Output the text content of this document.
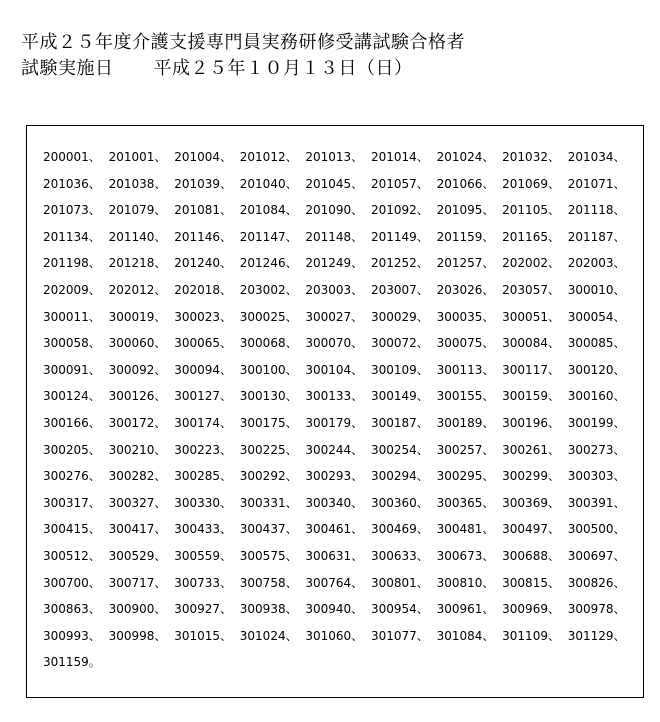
平成２５年度介護支援専門員実務研修受講試験合格者
試験実施日 平成２５年１０月１３日（日）
200001、 201001、 201004、 201012、 201013、 201014、 201024、 201032、 201034、
201036、 201038、 201039、 201040、 201045、 201057、 201066、 201069、 201071、
201073、 201079、 201081、 201084、 201090、 201092、 201095、 201105、 201118、
201134、 201140、 201146、 201147、 201148、 201149、 201159、 201165、 201187、
201198、 201218、 201240、 201246、 201249、 201252、 201257、 202002、 202003、
202009、 202012、 202018、 203002、 203003、 203007、 203026、 203057、 300010、
300011、 300019、 300023、 300025、 300027、 300029、 300035、 300051、 300054、
300058、 300060、 300065、 300068、 300070、 300072、 300075、 300084、 300085、
300091、 300092、 300094、 300100、 300104、 300109、 300113、 300117、 300120、
300124、 300126、 300127、 300130、 300133、 300149、 300155、 300159、 300160、
300166、 300172、 300174、 300175、 300179、 300187、 300189、 300196、 300199、
300205、 300210、 300223、 300225、 300244、 300254、 300257、 300261、 300273、
300276、 300282、 300285、 300292、 300293、 300294、 300295、 300299、 300303、
300317、 300327、 300330、 300331、 300340、 300360、 300365、 300369、 300391、
300415、 300417、 300433、 300437、 300461、 300469、 300481、 300497、 300500、
300512、 300529、 300559、 300575、 300631、 300633、 300673、 300688、 300697、
300700、 300717、 300733、 300758、 300764、 300801、 300810、 300815、 300826、
300863、 300900、 300927、 300938、 300940、 300954、 300961、 300969、 300978、
300993、 300998、 301015、 301024、 301060、 301077、 301084、 301109、 301129、
301159。
